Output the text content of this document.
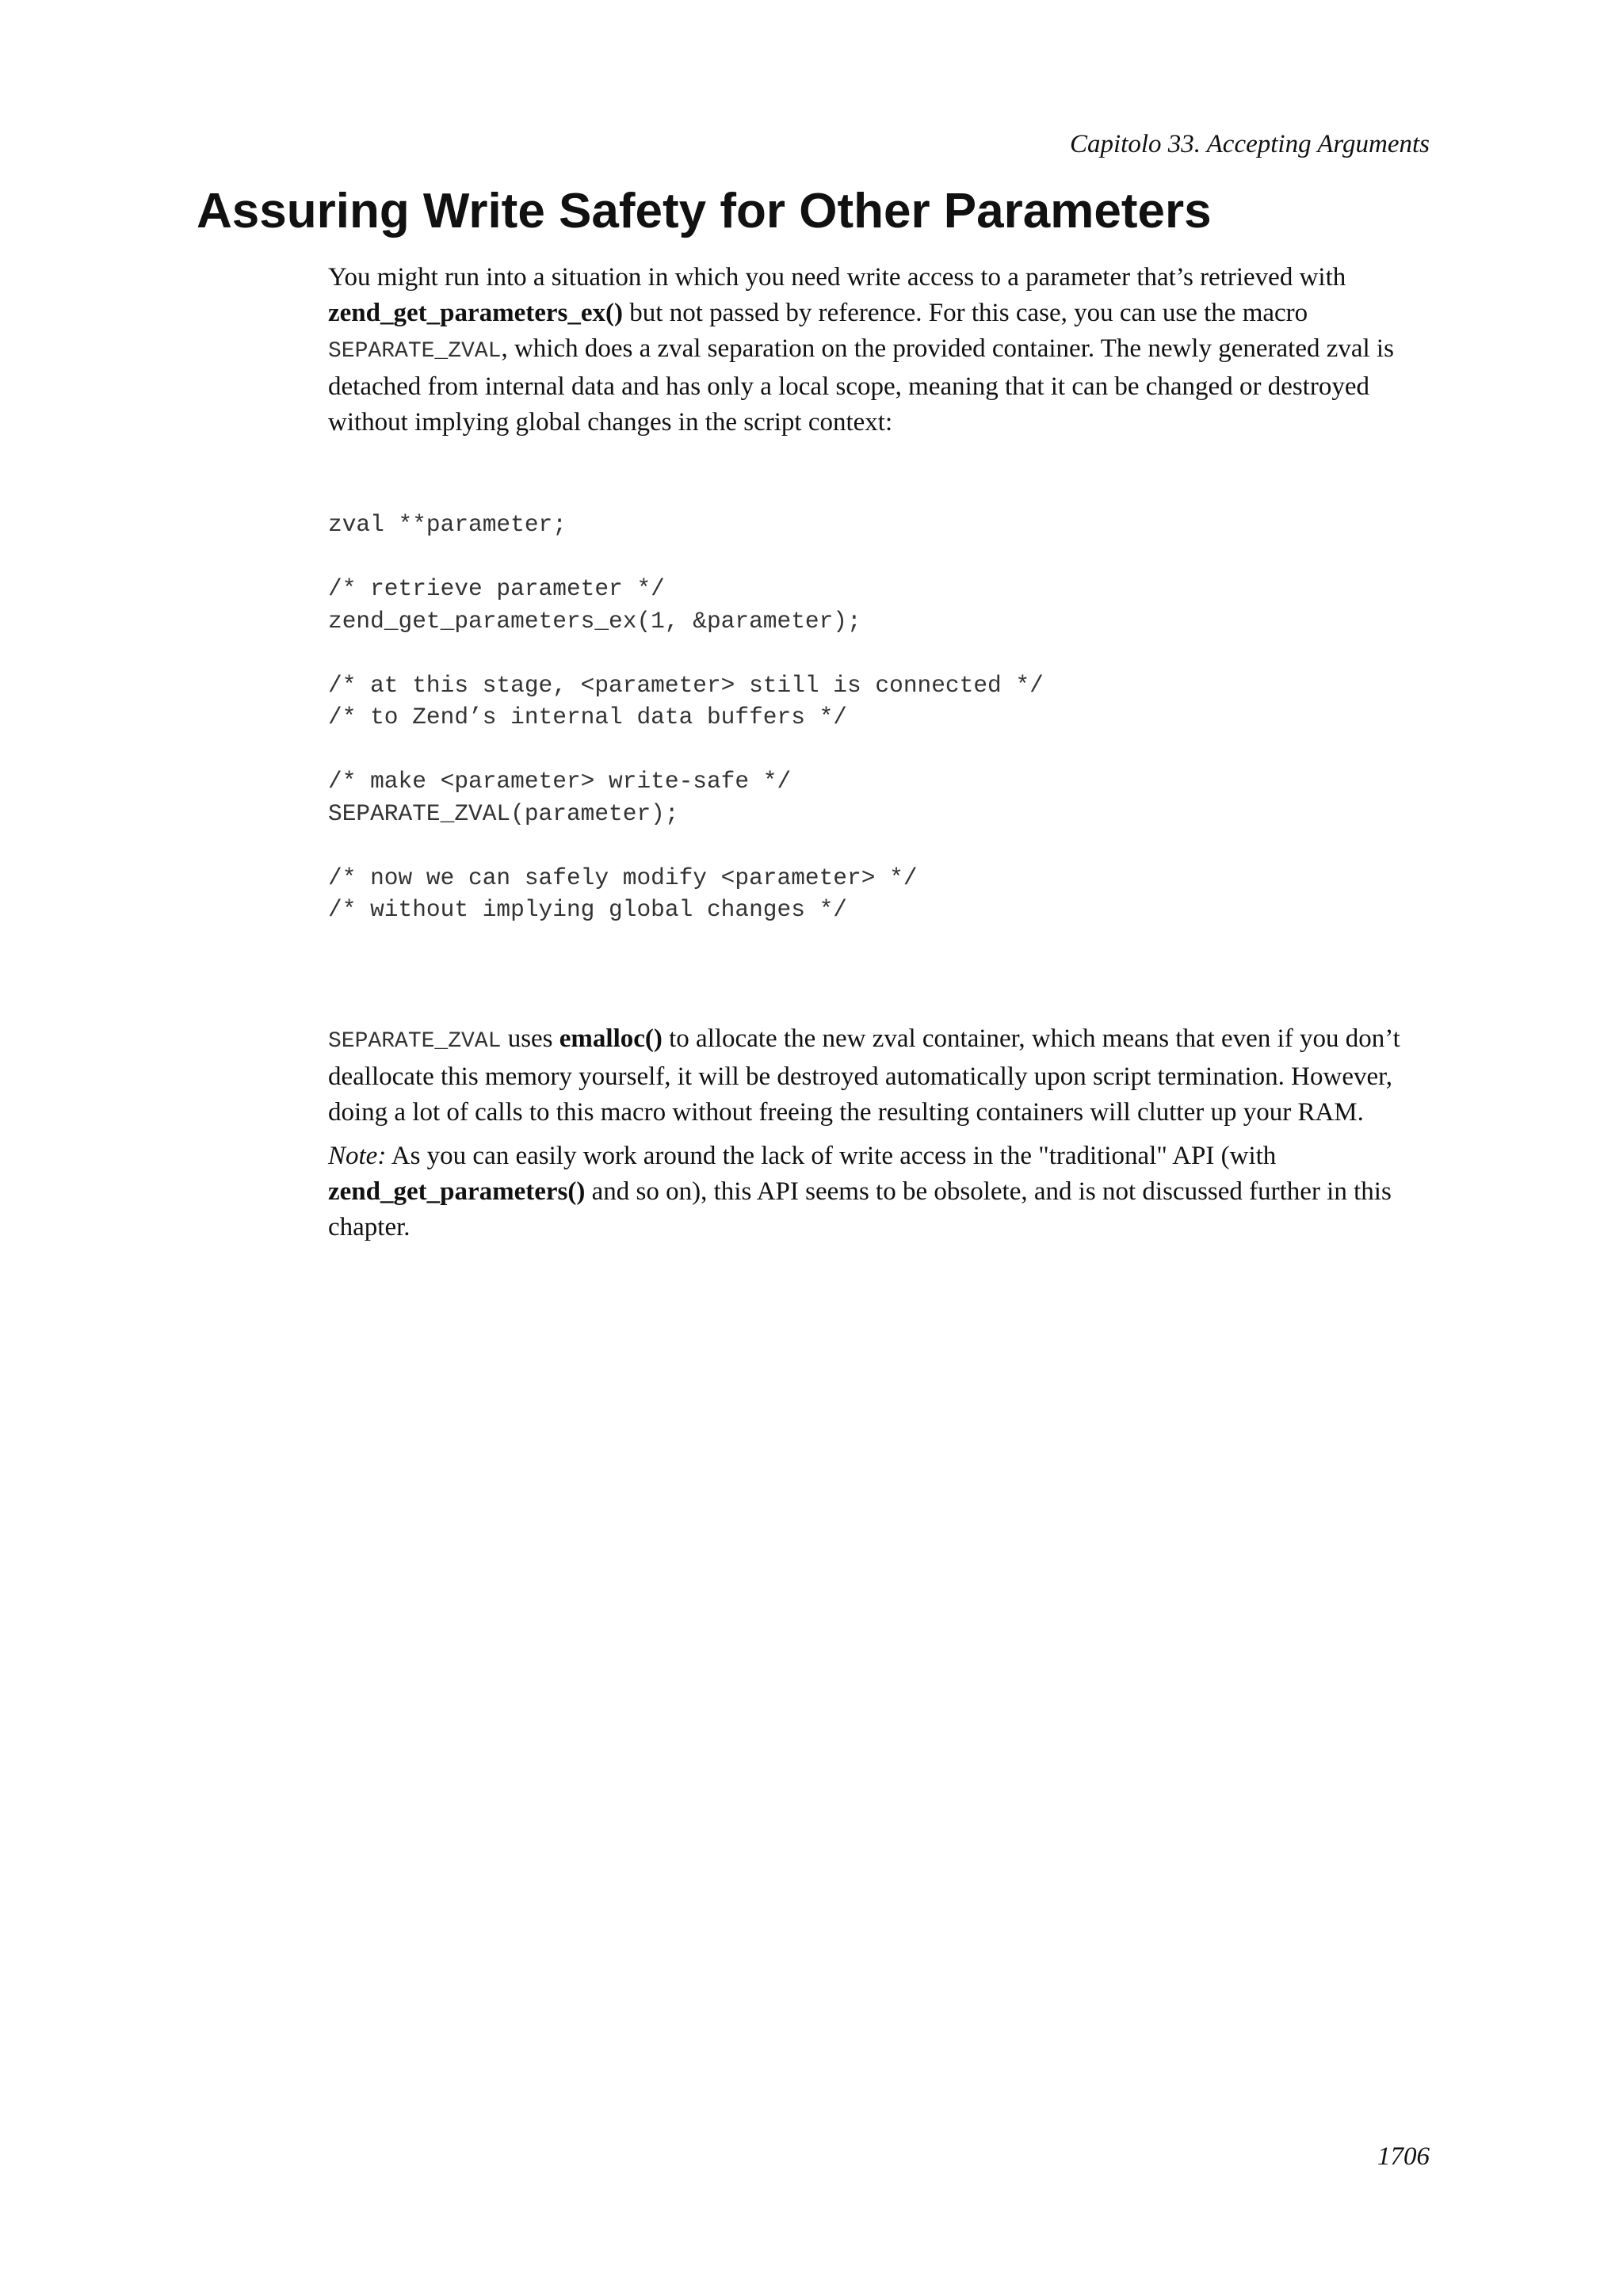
Capitolo 33. Accepting Arguments
Assuring Write Safety for Other Parameters

You might run into a situation in which you need write access to a parameter that’s retrieved with zend_get_parameters_ex() but not passed by reference. For this case, you can use the macro SEPARATE_ZVAL, which does a zval separation on the provided container. The newly generated zval is detached from internal data and has only a local scope, meaning that it can be changed or destroyed without implying global changes in the script context:

zval **parameter;

/* retrieve parameter */
zend_get_parameters_ex(1, &parameter);

/* at this stage, <parameter> still is connected */
/* to Zend’s internal data buffers */

/* make <parameter> write-safe */
SEPARATE_ZVAL(parameter);

/* now we can safely modify <parameter> */
/* without implying global changes */

SEPARATE_ZVAL uses emalloc() to allocate the new zval container, which means that even if you don’t deallocate this memory yourself, it will be destroyed automatically upon script termination. However, doing a lot of calls to this macro without freeing the resulting containers will clutter up your RAM.

Note: As you can easily work around the lack of write access in the "traditional" API (with zend_get_parameters() and so on), this API seems to be obsolete, and is not discussed further in this chapter.

1706
